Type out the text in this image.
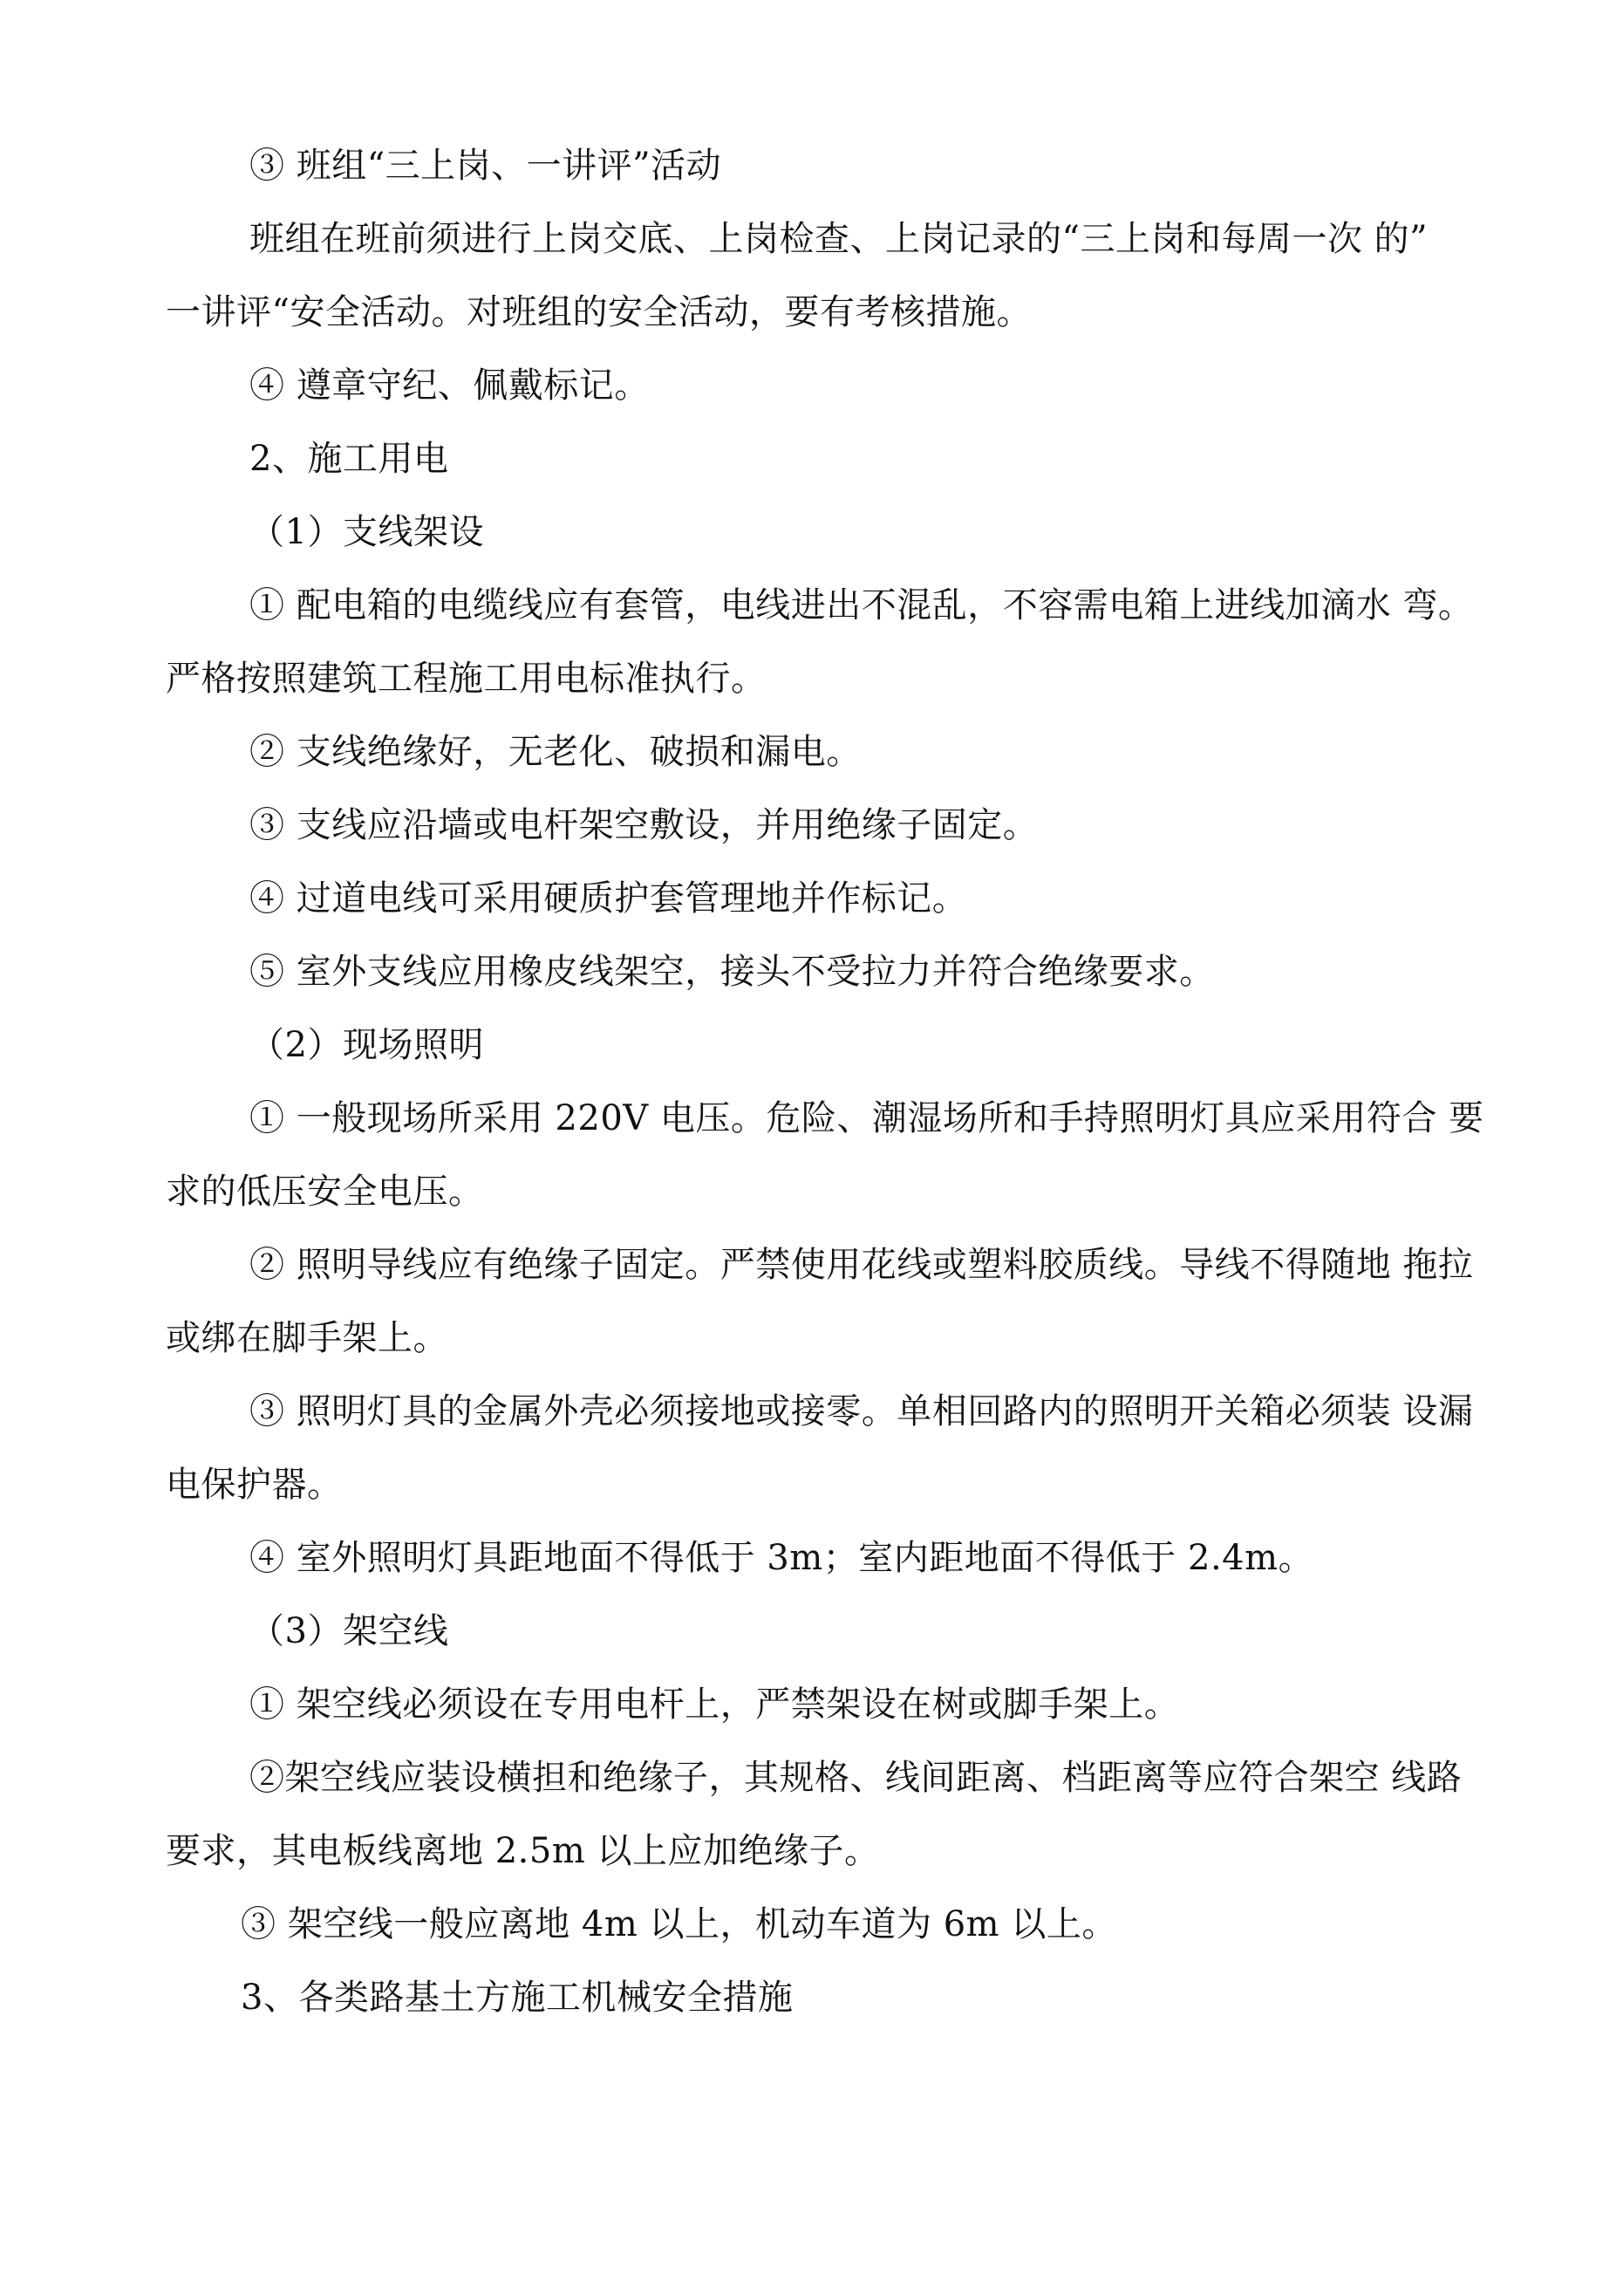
③ 班组“三上岗、一讲评”活动
班组在班前须进行上岗交底、上岗检查、上岗记录的“三上岗和每周一次 的”
一讲评“安全活动。对班组的安全活动，要有考核措施。
④ 遵章守纪、佩戴标记。
2、施工用电
（1）支线架设
① 配电箱的电缆线应有套管，电线进出不混乱，不容需电箱上进线加滴水 弯。
严格按照建筑工程施工用电标准执行。
② 支线绝缘好，无老化、破损和漏电。
③ 支线应沿墙或电杆架空敷设，并用绝缘子固定。
④ 过道电线可采用硬质护套管理地并作标记。
⑤ 室外支线应用橡皮线架空，接头不受拉力并符合绝缘要求。
（2）现场照明
① 一般现场所采用 220V 电压。危险、潮湿场所和手持照明灯具应采用符合 要
求的低压安全电压。
② 照明导线应有绝缘子固定。严禁使用花线或塑料胶质线。导线不得随地 拖拉
或绑在脚手架上。
③ 照明灯具的金属外壳必须接地或接零。单相回路内的照明开关箱必须装 设漏
电保护器。
④ 室外照明灯具距地面不得低于 3m；室内距地面不得低于 2.4m。
（3）架空线
① 架空线必须设在专用电杆上，严禁架设在树或脚手架上。
②架空线应装设横担和绝缘子，其规格、线间距离、档距离等应符合架空 线路
要求，其电板线离地 2.5m 以上应加绝缘子。
③ 架空线一般应离地 4m 以上，机动车道为 6m 以上。
3、各类路基土方施工机械安全措施
